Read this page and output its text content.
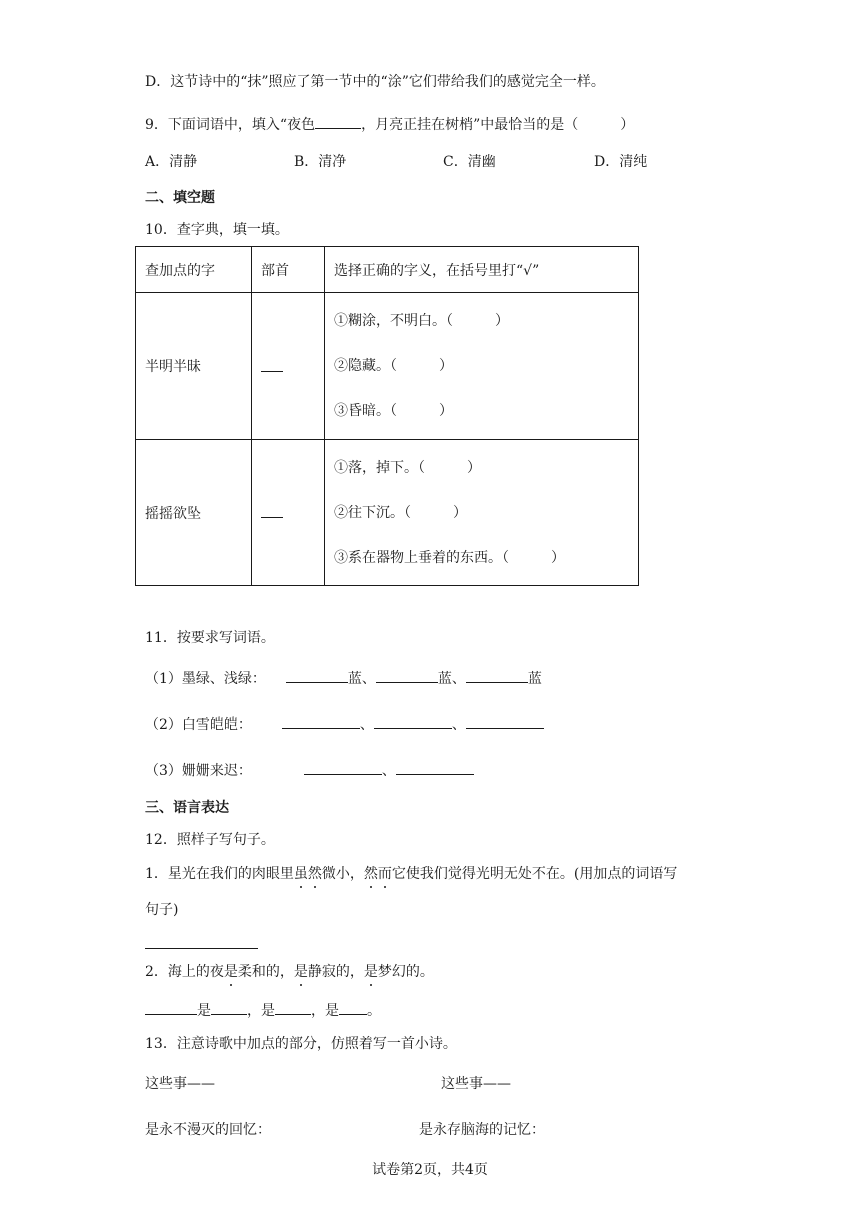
D．这节诗中的“抹”照应了第一节中的“涂”它们带给我们的感觉完全一样。
9．下面词语中，填入“夜色	，月亮正挂在树梢”中最恰当的是（　　　）
A．清静	B．清净	C．清幽	D．清纯
二、填空题
10．查字典，填一填。
查加点的字	部首	选择正确的字义，在括号里打“√”
半明半昧		①糊涂，不明白。（　　　）
②隐藏。（　　　）
③昏暗。（　　　）

摇摇欲坠		①落，掉下。（　　　）
②往下沉。（　　　）
③系在器物上垂着的东西。（　　　）
11．按要求写词语。
（1）墨绿、浅绿：	蓝、	蓝、	蓝
（2）白雪皑皑：	、	、
（3）姗姗来迟：	、
三、语言表达
12．照样子写句子。
1．星光在我们的肉眼里虽然微小，然而它使我们觉得光明无处不在。(用加点的词语写
句子)
2．海上的夜是柔和的，是静寂的，是梦幻的。
是	，是	，是 。
13．注意诗歌中加点的部分，仿照着写一首小诗。
这些事——	这些事——
是永不漫灭的回忆：	是永存脑海的记忆：
试卷第2页，共4页
